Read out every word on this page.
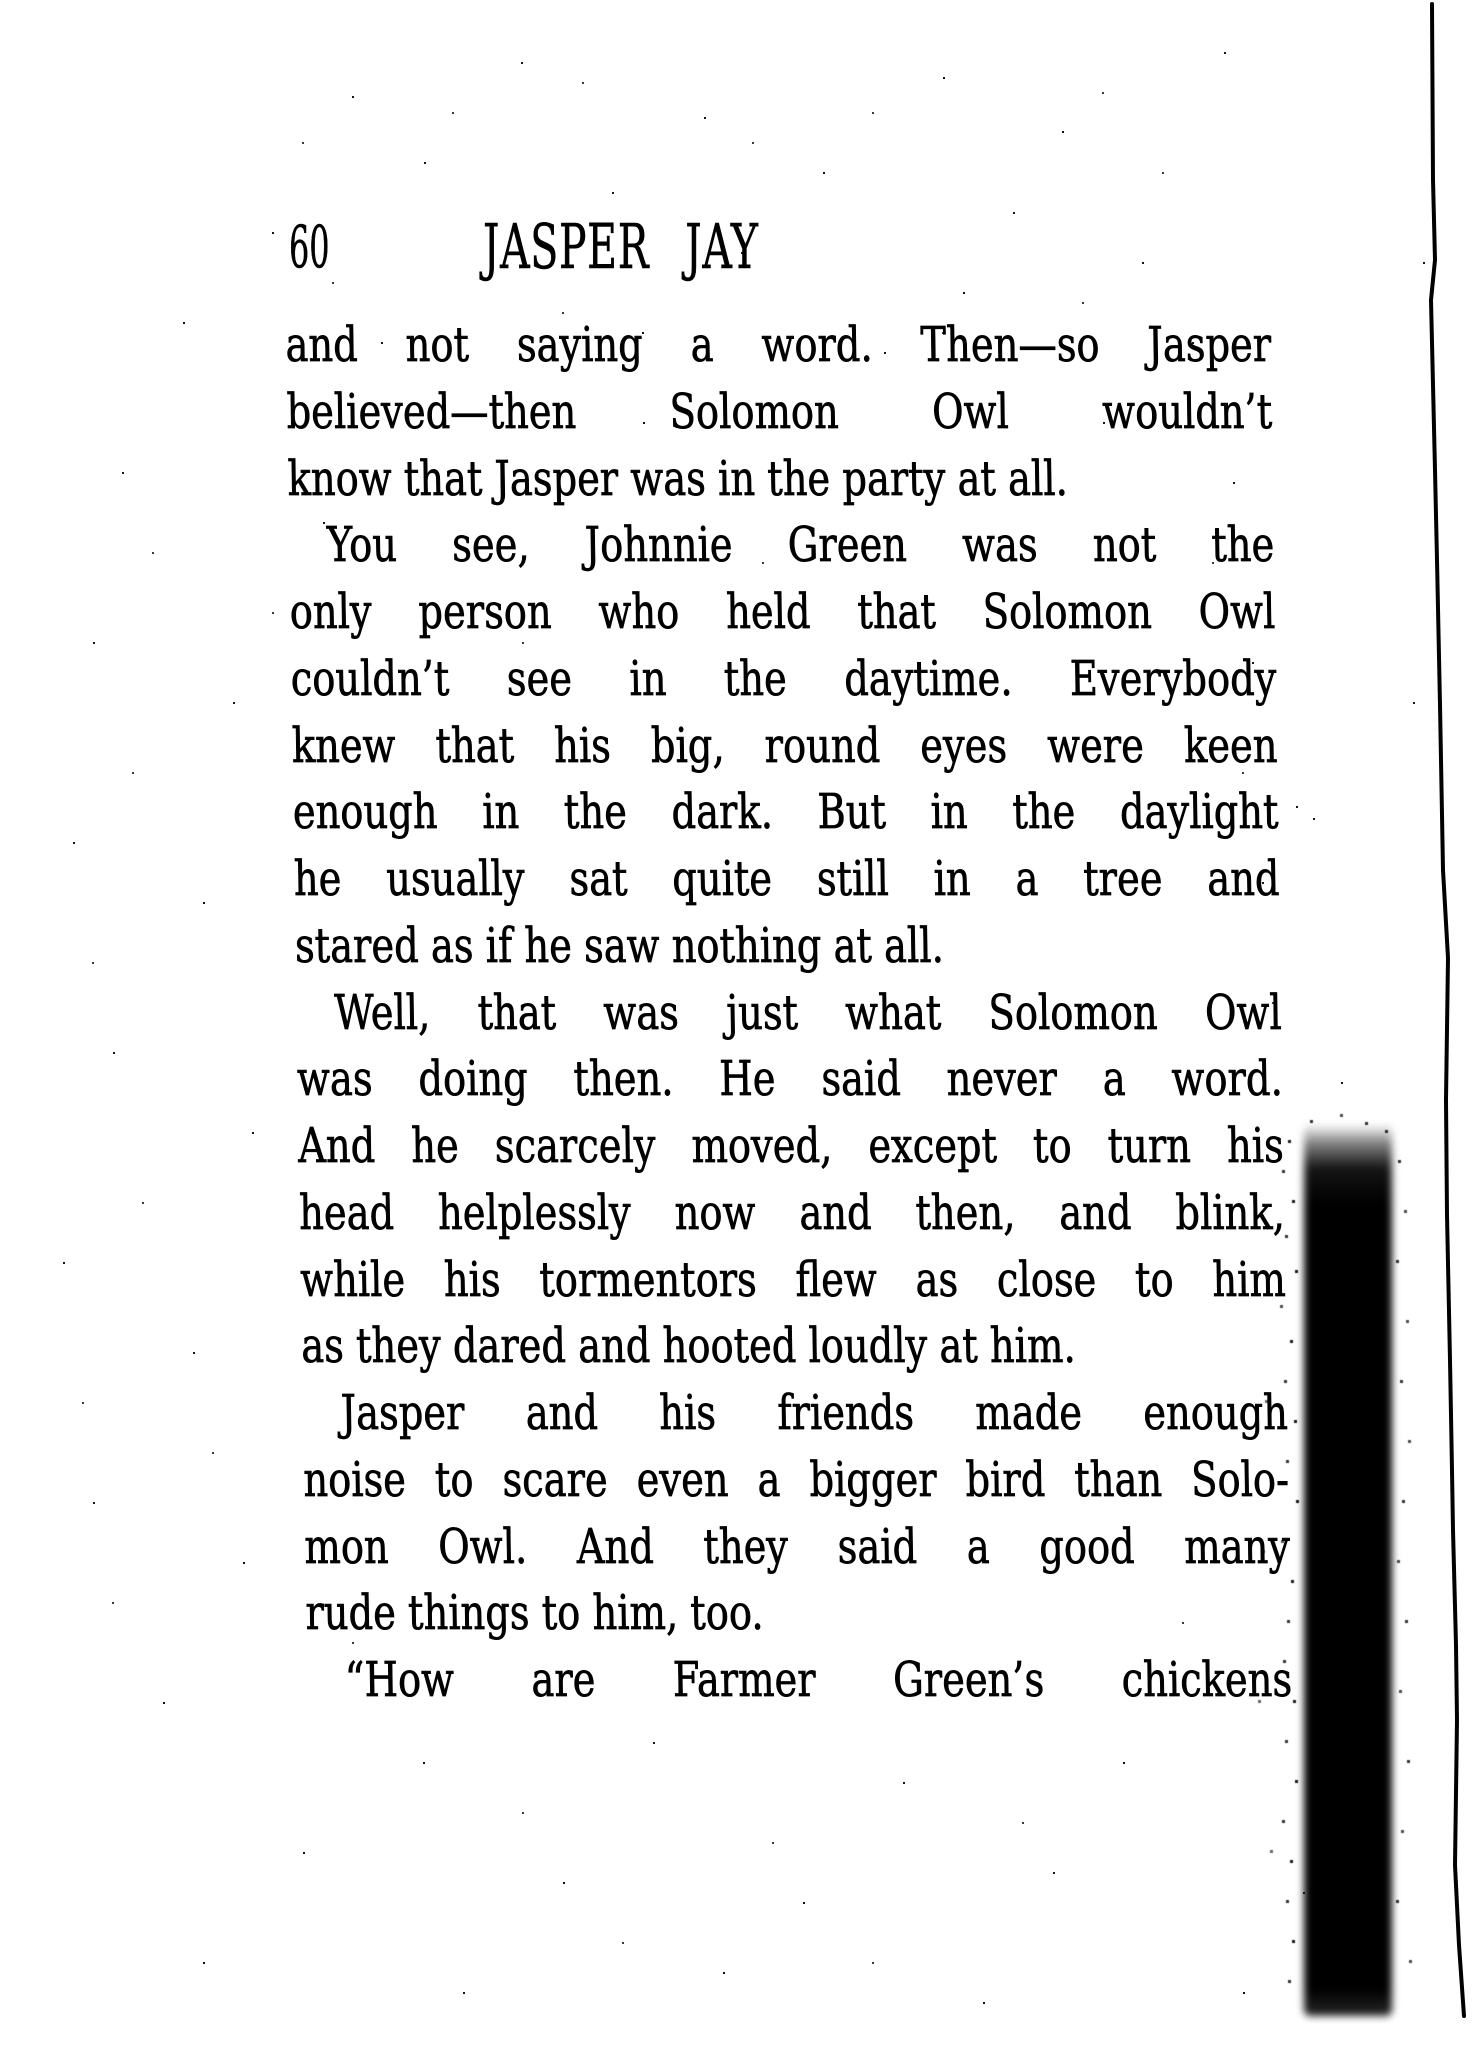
60 JASPER JAY
and not saying a word. Then—so Jasper
believed—then Solomon Owl wouldn’t
know that Jasper was in the party at all.
You see, Johnnie Green was not the
only person who held that Solomon Owl
couldn’t see in the daytime. Everybody
knew that his big, round eyes were keen
enough in the dark. But in the daylight
he usually sat quite still in a tree and
stared as if he saw nothing at all.
Well, that was just what Solomon Owl
was doing then. He said never a word.
And he scarcely moved, except to turn his
head helplessly now and then, and blink,
while his tormentors flew as close to him
as they dared and hooted loudly at him.
Jasper and his friends made enough
noise to scare even a bigger bird than Solo-
mon Owl. And they said a good many
rude things to him, too.
“How are Farmer Green’s chickens
